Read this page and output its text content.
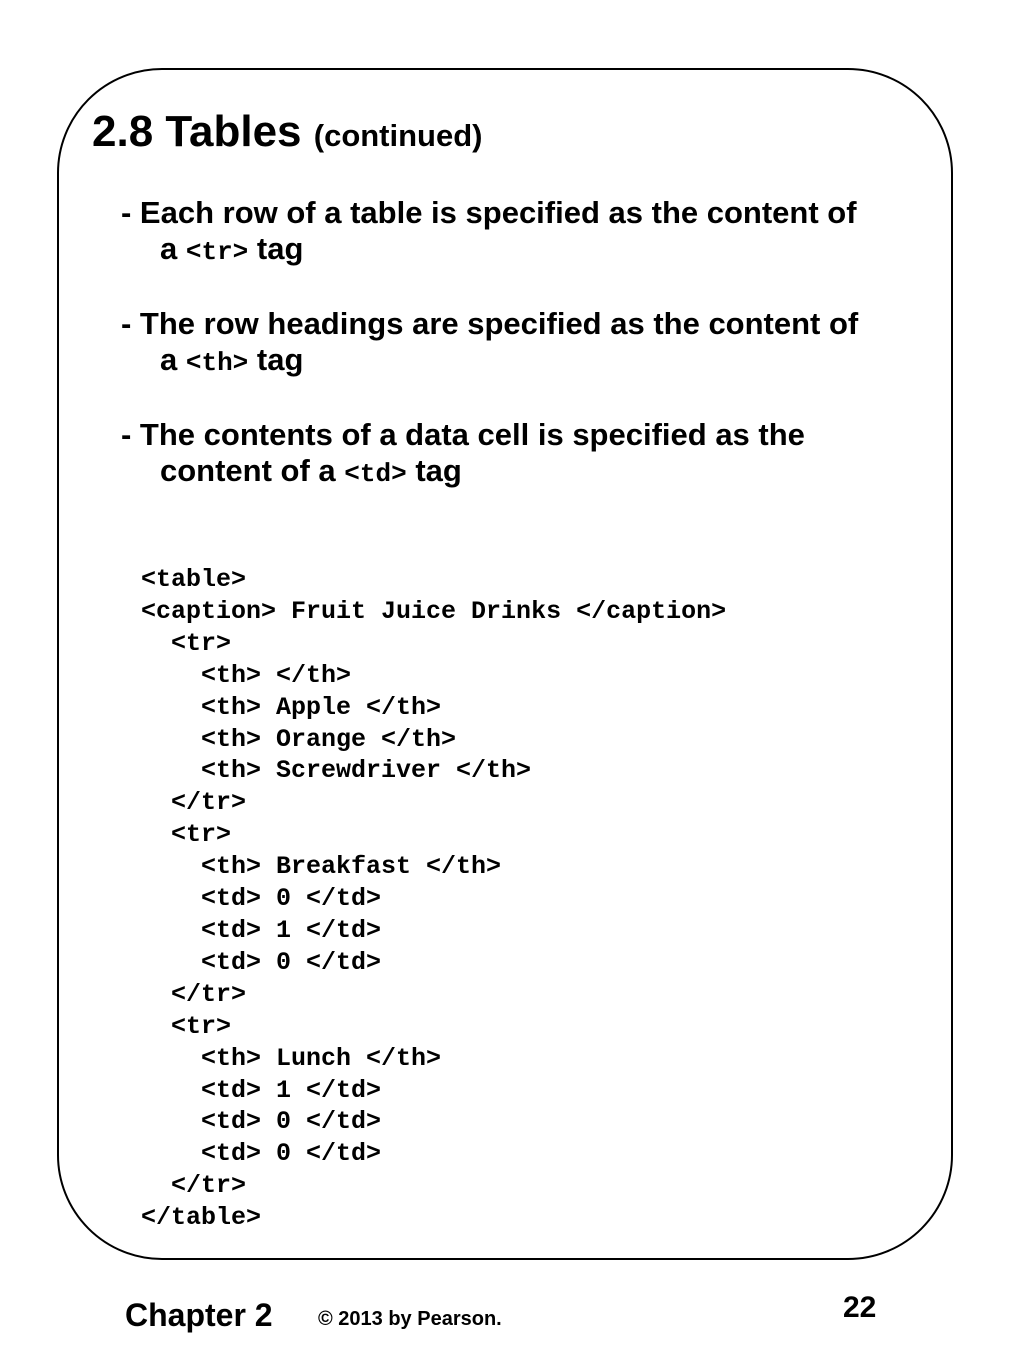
2.8 Tables (continued)

- Each row of a table is specified as the content of
a <tr> tag

- The row headings are specified as the content of
a <th> tag

- The contents of a data cell is specified as the
content of a <td> tag

<table>
<caption> Fruit Juice Drinks </caption>
<tr>
<th> </th>
<th> Apple </th>
<th> Orange </th>
<th> Screwdriver </th>
</tr>
<tr>
<th> Breakfast </th>
<td> 0 </td>
<td> 1 </td>
<td> 0 </td>
</tr>
<tr>
<th> Lunch </th>
<td> 1 </td>
<td> 0 </td>
<td> 0 </td>
</tr>
</table>
Chapter 2 © 2013 by Pearson.	22
